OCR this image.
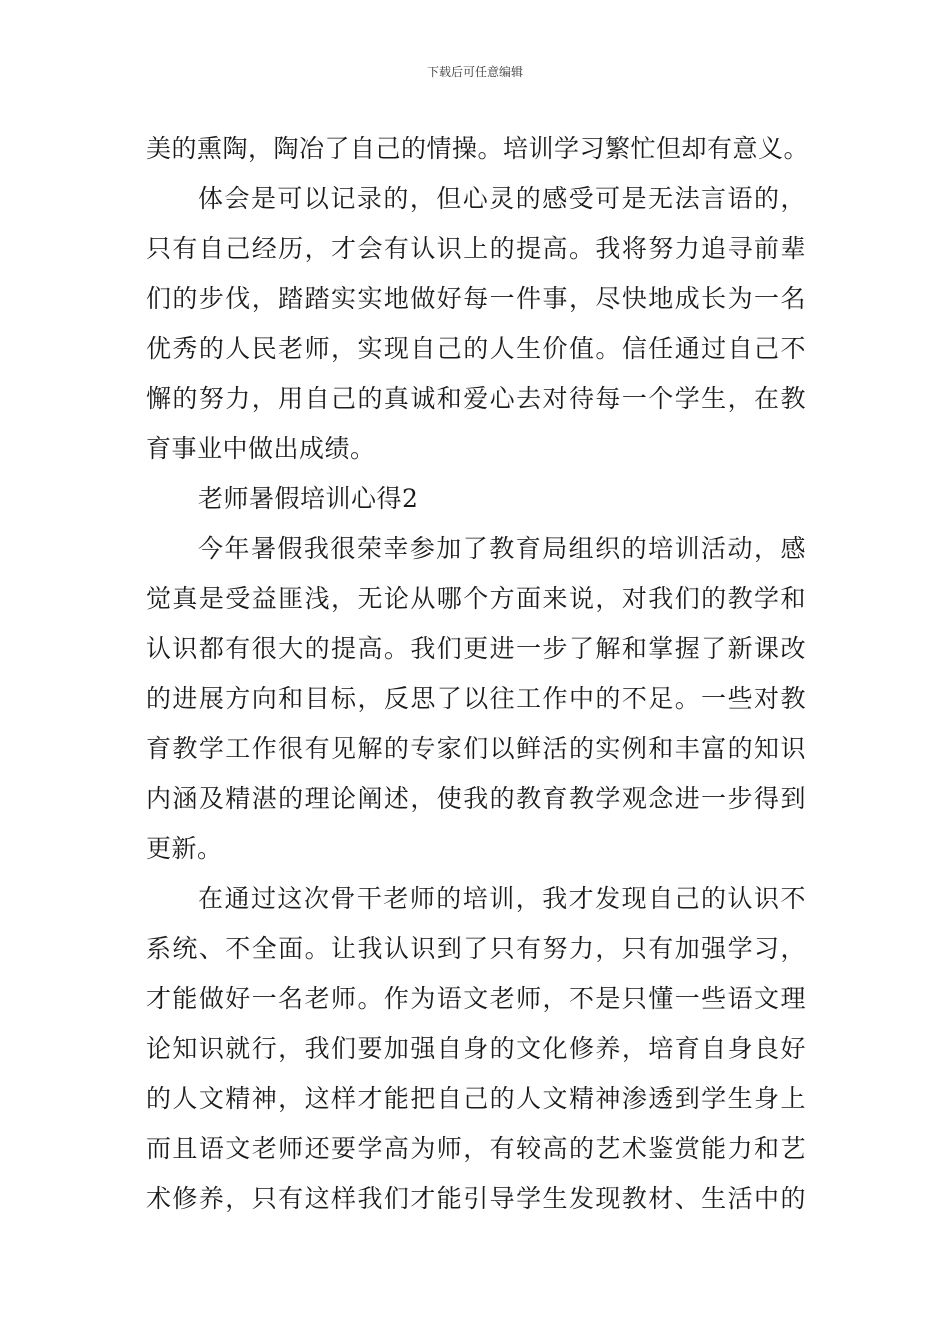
下载后可任意编辑
美的熏陶，陶冶了自己的情操。培训学习繁忙但却有意义。
体会是可以记录的，但心灵的感受可是无法言语的，
只有自己经历，才会有认识上的提高。我将努力追寻前辈
们的步伐，踏踏实实地做好每一件事，尽快地成长为一名
优秀的人民老师，实现自己的人生价值。信任通过自己不
懈的努力，用自己的真诚和爱心去对待每一个学生，在教
育事业中做出成绩。
老师暑假培训心得2
今年暑假我很荣幸参加了教育局组织的培训活动，感
觉真是受益匪浅，无论从哪个方面来说，对我们的教学和
认识都有很大的提高。我们更进一步了解和掌握了新课改
的进展方向和目标，反思了以往工作中的不足。一些对教
育教学工作很有见解的专家们以鲜活的实例和丰富的知识
内涵及精湛的理论阐述，使我的教育教学观念进一步得到
更新。
在通过这次骨干老师的培训，我才发现自己的认识不
系统、不全面。让我认识到了只有努力，只有加强学习，
才能做好一名老师。作为语文老师，不是只懂一些语文理
论知识就行，我们要加强自身的文化修养，培育自身良好
的人文精神，这样才能把自己的人文精神渗透到学生身上
而且语文老师还要学高为师，有较高的艺术鉴赏能力和艺
术修养，只有这样我们才能引导学生发现教材、生活中的
